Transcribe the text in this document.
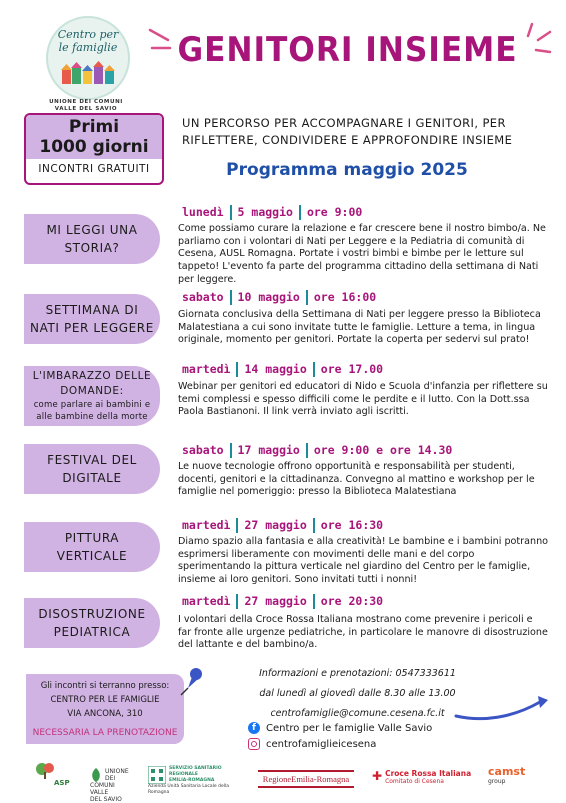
Centro per
le famiglie
UNIONE DEI COMUNI
VALLE DEL SAVIO
GENITORI INSIEME
Primi
1000 giorni
INCONTRI GRATUITI
UN PERCORSO PER ACCOMPAGNARE I GENITORI, PER
RIFLETTERE, CONDIVIDERE E APPROFONDIRE INSIEME
Programma maggio 2025
MI LEGGI UNA
STORIA?
lunedì 5 maggio ore 9:00
Come possiamo curare la relazione e far crescere bene il nostro bimbo/a. Ne parliamo con i volontari di Nati per Leggere e la Pediatria di comunità di Cesena, AUSL Romagna. Portate i vostri bimbi e bimbe per le letture sul tappeto! L'evento fa parte del programma cittadino della settimana di Nati per leggere.
SETTIMANA DI
NATI PER LEGGERE
sabato 10 maggio ore 16:00
Giornata conclusiva della Settimana di Nati per leggere presso la Biblioteca Malatestiana a cui sono invitate tutte le famiglie. Letture a tema, in lingua originale, momento per genitori. Portate la coperta per sedervi sul prato!
L'IMBARAZZO DELLE
DOMANDE:
come parlare ai bambini e
alle bambine della morte
martedì 14 maggio ore 17.00
Webinar per genitori ed educatori di Nido e Scuola d'infanzia per riflettere su temi complessi e spesso difficili come le perdite e il lutto. Con la Dott.ssa Paola Bastianoni. Il link verrà inviato agli iscritti.
FESTIVAL DEL
DIGITALE
sabato 17 maggio ore 9:00 e ore 14.30
Le nuove tecnologie offrono opportunità e responsabilità per studenti, docenti, genitori e la cittadinanza. Convegno al mattino e workshop per le famiglie nel pomeriggio: presso la Biblioteca Malatestiana
PITTURA
VERTICALE
martedì 27 maggio ore 16:30
Diamo spazio alla fantasia e alla creatività! Le bambine e i bambini potranno esprimersi liberamente con movimenti delle mani e del corpo sperimentando la pittura verticale nel giardino del Centro per le famiglie, insieme ai loro genitori. Sono invitati tutti i nonni!
DISOSTRUZIONE
PEDIATRICA
martedì 27 maggio ore 20:30
I volontari della Croce Rossa Italiana mostrano come prevenire i pericoli e far fronte alle urgenze pediatriche, in particolare le manovre di disostruzione del lattante e del bambino/a.
Gli incontri si terranno presso:
CENTRO PER LE FAMIGLIE
VIA ANCONA, 310
NECESSARIA LA PRENOTAZIONE
Informazioni e prenotazioni: 0547333611
dal lunedì al giovedì dalle 8.30 alle 13.00
centrofamiglie@comune.cesena.fc.it
f Centro per le famiglie Valle Savio
centrofamiglieicesena
ASP
UNIONE
DEI COMUNI
VALLE
DEL SAVIO
SERVIZIO SANITARIO REGIONALE
EMILIA-ROMAGNA
Azienda Unità Sanitaria Locale della Romagna
RegioneEmilia-Romagna	✚ Croce Rossa Italiana
Comitato di Cesena
camst
group
